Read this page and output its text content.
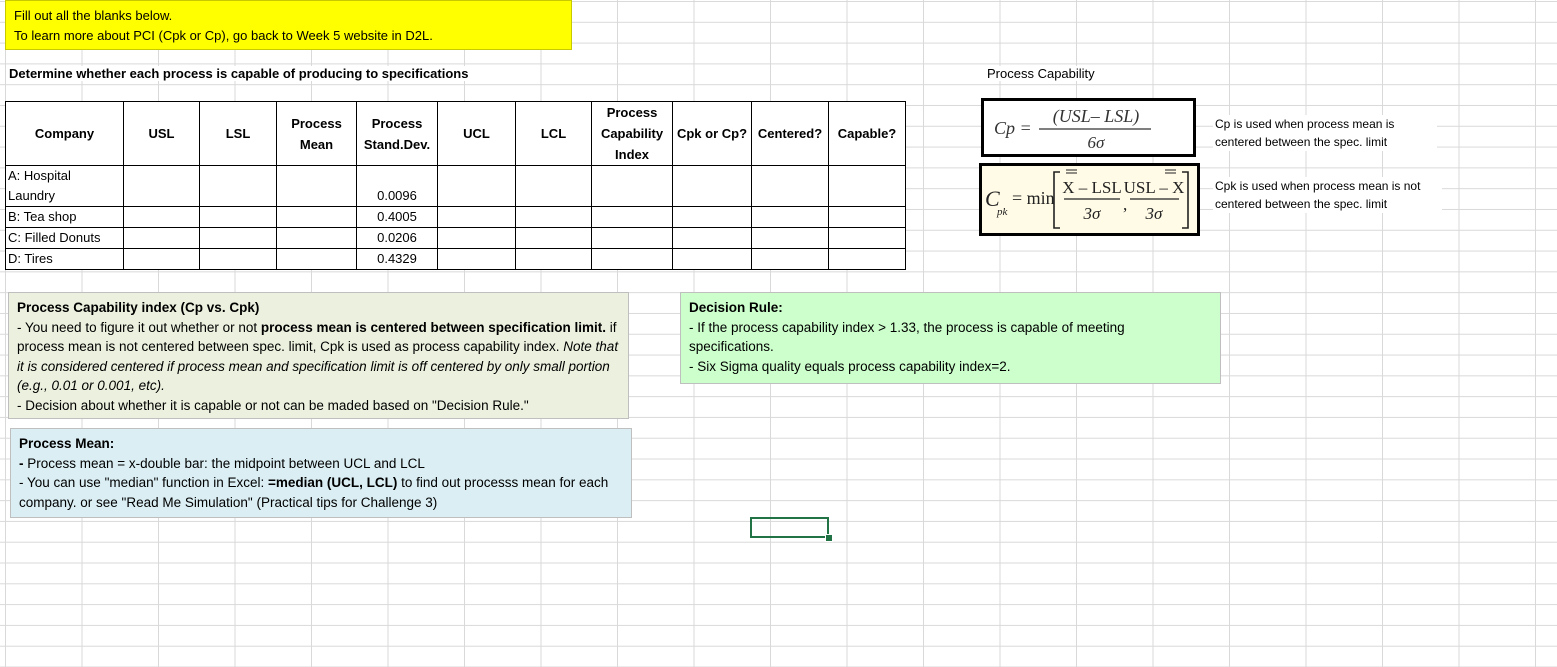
Fill out all the blanks below.
To learn more about PCI (Cpk or Cp), go back to Week 5 website in D2L.
Determine whether each process is capable of producing to specifications	Process Capability
Company	USL	LSL	Process Mean	Process Stand.Dev.	UCL	LCL	Process Capability Index	Cpk or Cp?	Centered?	Capable?
A: Hospital Laundry				0.0096						
B: Tea shop				0.4005						
C: Filled Donuts				0.0206						
D: Tires				0.4329						
Cp =
(USL– LSL)
6σ
C
pk
= min
X – LSL
3σ ,
USL – X
3σ
Cp is used when process mean is centered between the spec. limit
Cpk is used when process mean is not centered between the spec. limit
Process Capability index (Cp vs. Cpk)
- You need to figure it out whether or not process mean is centered between specification limit. if process mean is not centered between spec. limit, Cpk is used as process capability index. Note that it is considered centered if process mean and specification limit is off centered by only small portion (e.g., 0.01 or 0.001, etc).
- Decision about whether it is capable or not can be maded based on "Decision Rule."
Decision Rule:
- If the process capability index > 1.33, the process is capable of meeting specifications.
- Six Sigma quality equals process capability index=2.
Process Mean:
- Process mean = x-double bar: the midpoint between UCL and LCL
- You can use "median" function in Excel: =median (UCL, LCL) to find out processs mean for each company. or see "Read Me Simulation" (Practical tips for Challenge 3)
